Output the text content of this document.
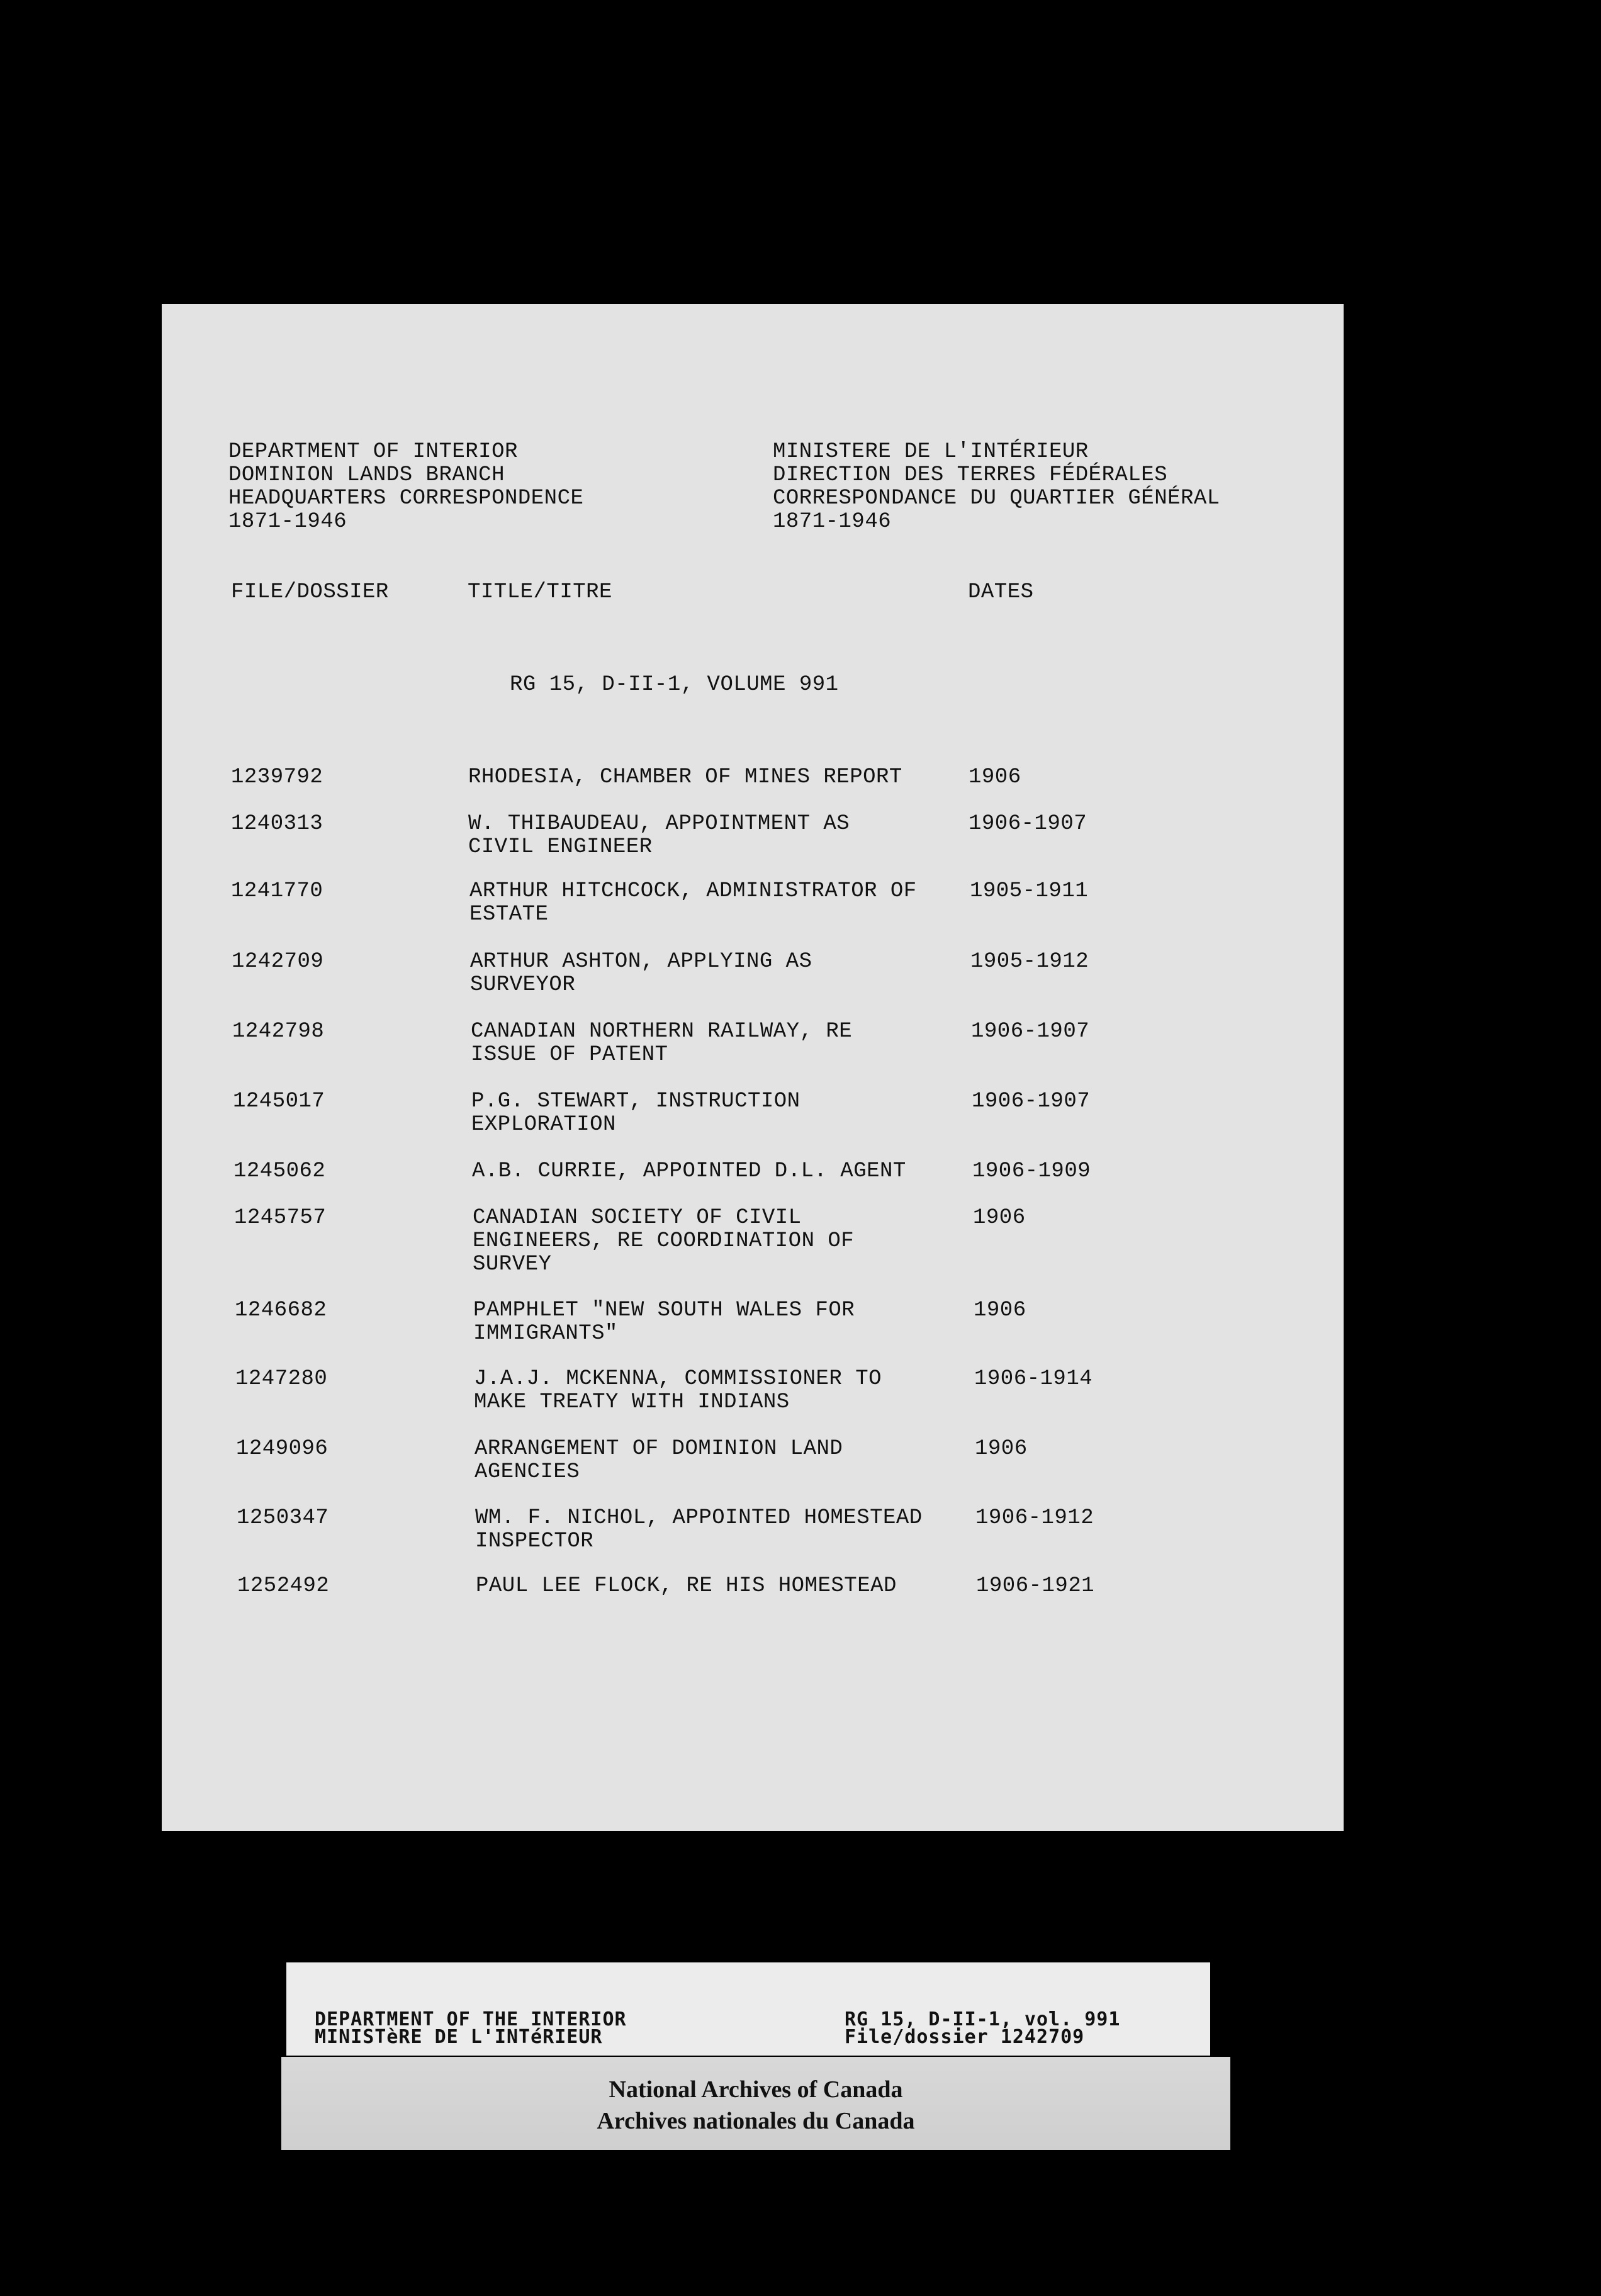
DEPARTMENT OF INTERIOR
DOMINION LANDS BRANCH
HEADQUARTERS CORRESPONDENCE
1871-1946
MINISTERE DE L'INTÉRIEUR
DIRECTION DES TERRES FÉDÉRALES
CORRESPONDANCE DU QUARTIER GÉNÉRAL
1871-1946
FILE/DOSSIER	TITLE/TITRE	DATES
RG 15, D-II-1, VOLUME 991
1239792	RHODESIA, CHAMBER OF MINES REPORT	1906
1240313	W. THIBAUDEAU, APPOINTMENT AS
CIVIL ENGINEER
1906-1907
1241770	ARTHUR HITCHCOCK, ADMINISTRATOR OF
ESTATE
1905-1911
1242709	ARTHUR ASHTON, APPLYING AS
SURVEYOR
1905-1912
1242798	CANADIAN NORTHERN RAILWAY, RE
ISSUE OF PATENT
1906-1907
1245017	P.G. STEWART, INSTRUCTION
EXPLORATION
1906-1907
1245062	A.B. CURRIE, APPOINTED D.L. AGENT	1906-1909
1245757	CANADIAN SOCIETY OF CIVIL
ENGINEERS, RE COORDINATION OF
SURVEY
1906
1246682	PAMPHLET "NEW SOUTH WALES FOR
IMMIGRANTS"
1906
1247280	J.A.J. MCKENNA, COMMISSIONER TO
MAKE TREATY WITH INDIANS
1906-1914
1249096	ARRANGEMENT OF DOMINION LAND
AGENCIES
1906
1250347	WM. F. NICHOL, APPOINTED HOMESTEAD
INSPECTOR
1906-1912
1252492	PAUL LEE FLOCK, RE HIS HOMESTEAD	1906-1921
DEPARTMENT OF THE INTERIOR
MINISTèRE DE L'INTéRIEUR
RG 15, D-II-1, vol. 991
File/dossier 1242709
National Archives of Canada
Archives nationales du Canada
